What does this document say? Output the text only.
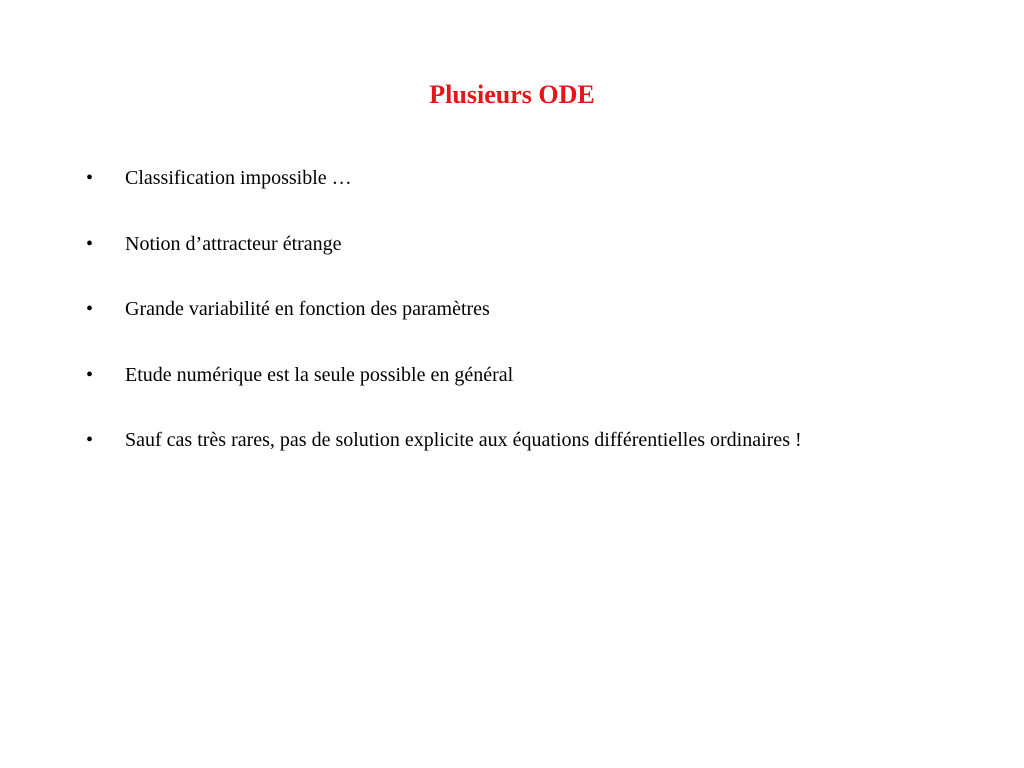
Plusieurs ODE
• Classification impossible …
• Notion d’attracteur étrange
• Grande variabilité en fonction des paramètres
• Etude numérique est la seule possible en général
• Sauf cas très rares, pas de solution explicite aux équations différentielles ordinaires !
